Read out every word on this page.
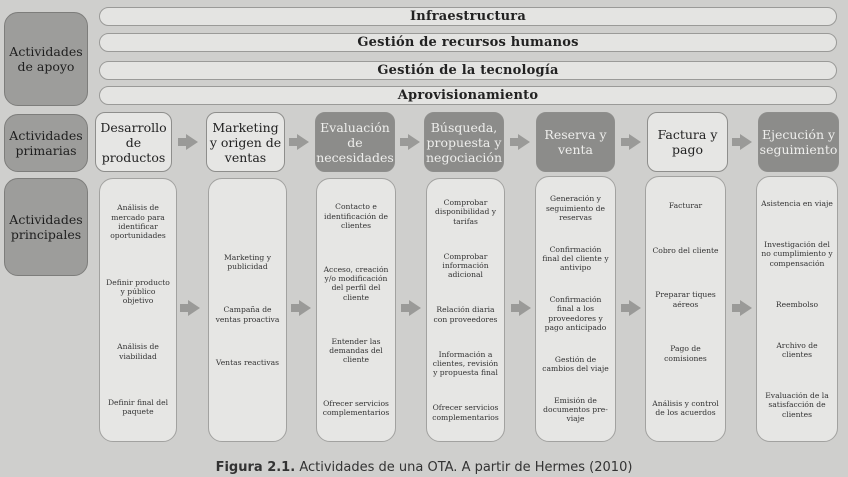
Actividades de apoyo
Actividades primarias
Actividades principales
Infraestructura
Gestión de recursos humanos
Gestión de la tecnología
Aprovisionamiento
Desarrollo de productos
Marketing y origen de ventas
Evaluación de necesidades
Búsqueda, propuesta y negociación
Reserva y venta
Factura y pago
Ejecución y seguimiento
Análisis de mercado para identificar oportunidades
Definir producto y público objetivo
Análisis de viabilidad
Definir final del paquete
Marketing y publicidad
Campaña de ventas proactiva
Ventas reactivas
Contacto e identificación de clientes
Acceso, creación y/o modificación del perfil del cliente
Entender las demandas del cliente
Ofrecer servicios complementarios
Comprobar disponibilidad y tarifas
Comprobar información adicional
Relación diaria con proveedores
Información a clientes, revisión y propuesta final
Ofrecer servicios complementarios
Generación y seguimiento de reservas
Confirmación final del cliente y antivipo
Confirmación final a los proveedores y pago anticipado
Gestión de cambios del viaje
Emisión de documentos pre-viaje
Facturar
Cobro del cliente
Preparar tiques aéreos
Pago de comisiones
Análisis y control de los acuerdos
Asistencia en viaje
Investigación del no cumplimiento y compensación
Reembolso
Archivo de clientes
Evaluación de la satisfacción de clientes
Figura 2.1. Actividades de una OTA. A partir de Hermes (2010)
